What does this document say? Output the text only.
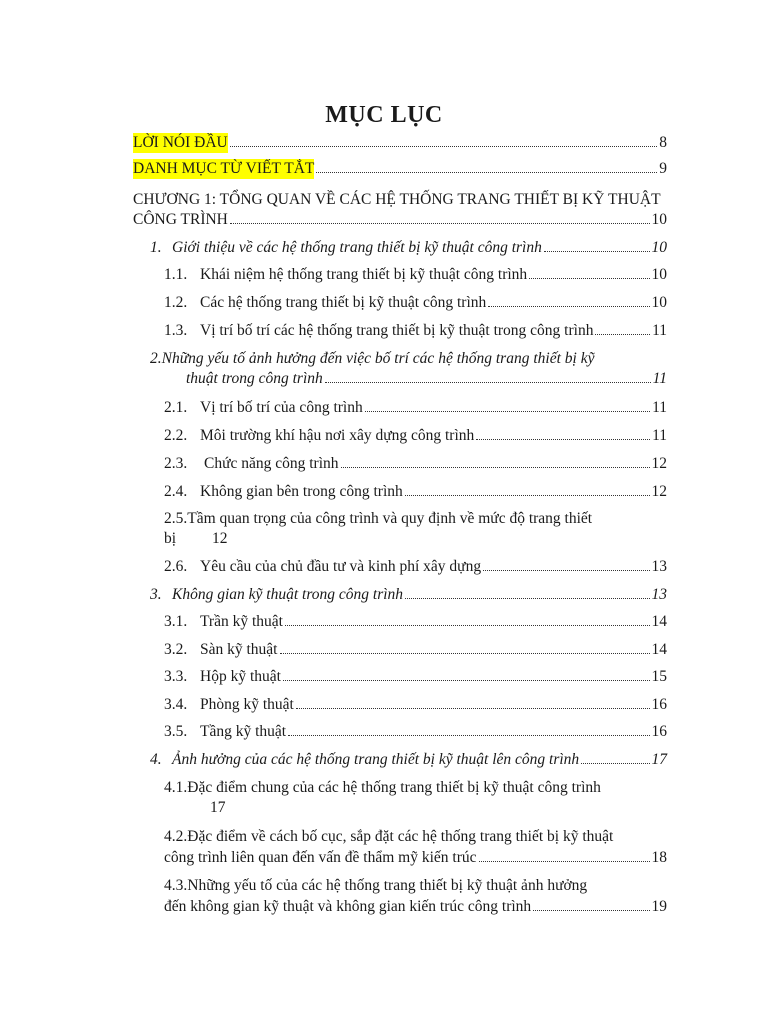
MỤC LỤC
LỜI NÓI ĐẦU	8
DANH MỤC TỪ VIẾT TẮT	9
CHƯƠNG 1: TỔNG QUAN VỀ CÁC HỆ THỐNG TRANG THIẾT BỊ KỸ THUẬT
CÔNG TRÌNH	10
1. Giới thiệu về các hệ thống trang thiết bị kỹ thuật công trình	10
1.1. Khái niệm hệ thống trang thiết bị kỹ thuật công trình	10
1.2. Các hệ thống trang thiết bị kỹ thuật công trình	10
1.3. Vị trí bố trí các hệ thống trang thiết bị kỹ thuật trong công trình	11
2.Những yếu tố ảnh hưởng đến việc bố trí các hệ thống trang thiết bị kỹ
thuật trong công trình	11
2.1. Vị trí bố trí của công trình	11
2.2. Môi trường khí hậu nơi xây dựng công trình	11
2.3.	Chức năng công trình	12
2.4. Không gian bên trong công trình	12
2.5.Tầm quan trọng của công trình và quy định về mức độ trang thiết
bị 12
2.6. Yêu cầu của chủ đầu tư và kinh phí xây dựng	13
3. Không gian kỹ thuật trong công trình	13
3.1. Trần kỹ thuật	14
3.2. Sàn kỹ thuật	14
3.3. Hộp kỹ thuật	15
3.4. Phòng kỹ thuật	16
3.5. Tầng kỹ thuật	16
4. Ảnh hưởng của các hệ thống trang thiết bị kỹ thuật lên công trình	17
4.1.Đặc điểm chung của các hệ thống trang thiết bị kỹ thuật công trình
17
4.2.Đặc điểm về cách bố cục, sắp đặt các hệ thống trang thiết bị kỹ thuật
công trình liên quan đến vấn đề thẩm mỹ kiến trúc	18
4.3.Những yếu tố của các hệ thống trang thiết bị kỹ thuật ảnh hưởng
đến không gian kỹ thuật và không gian kiến trúc công trình	19
